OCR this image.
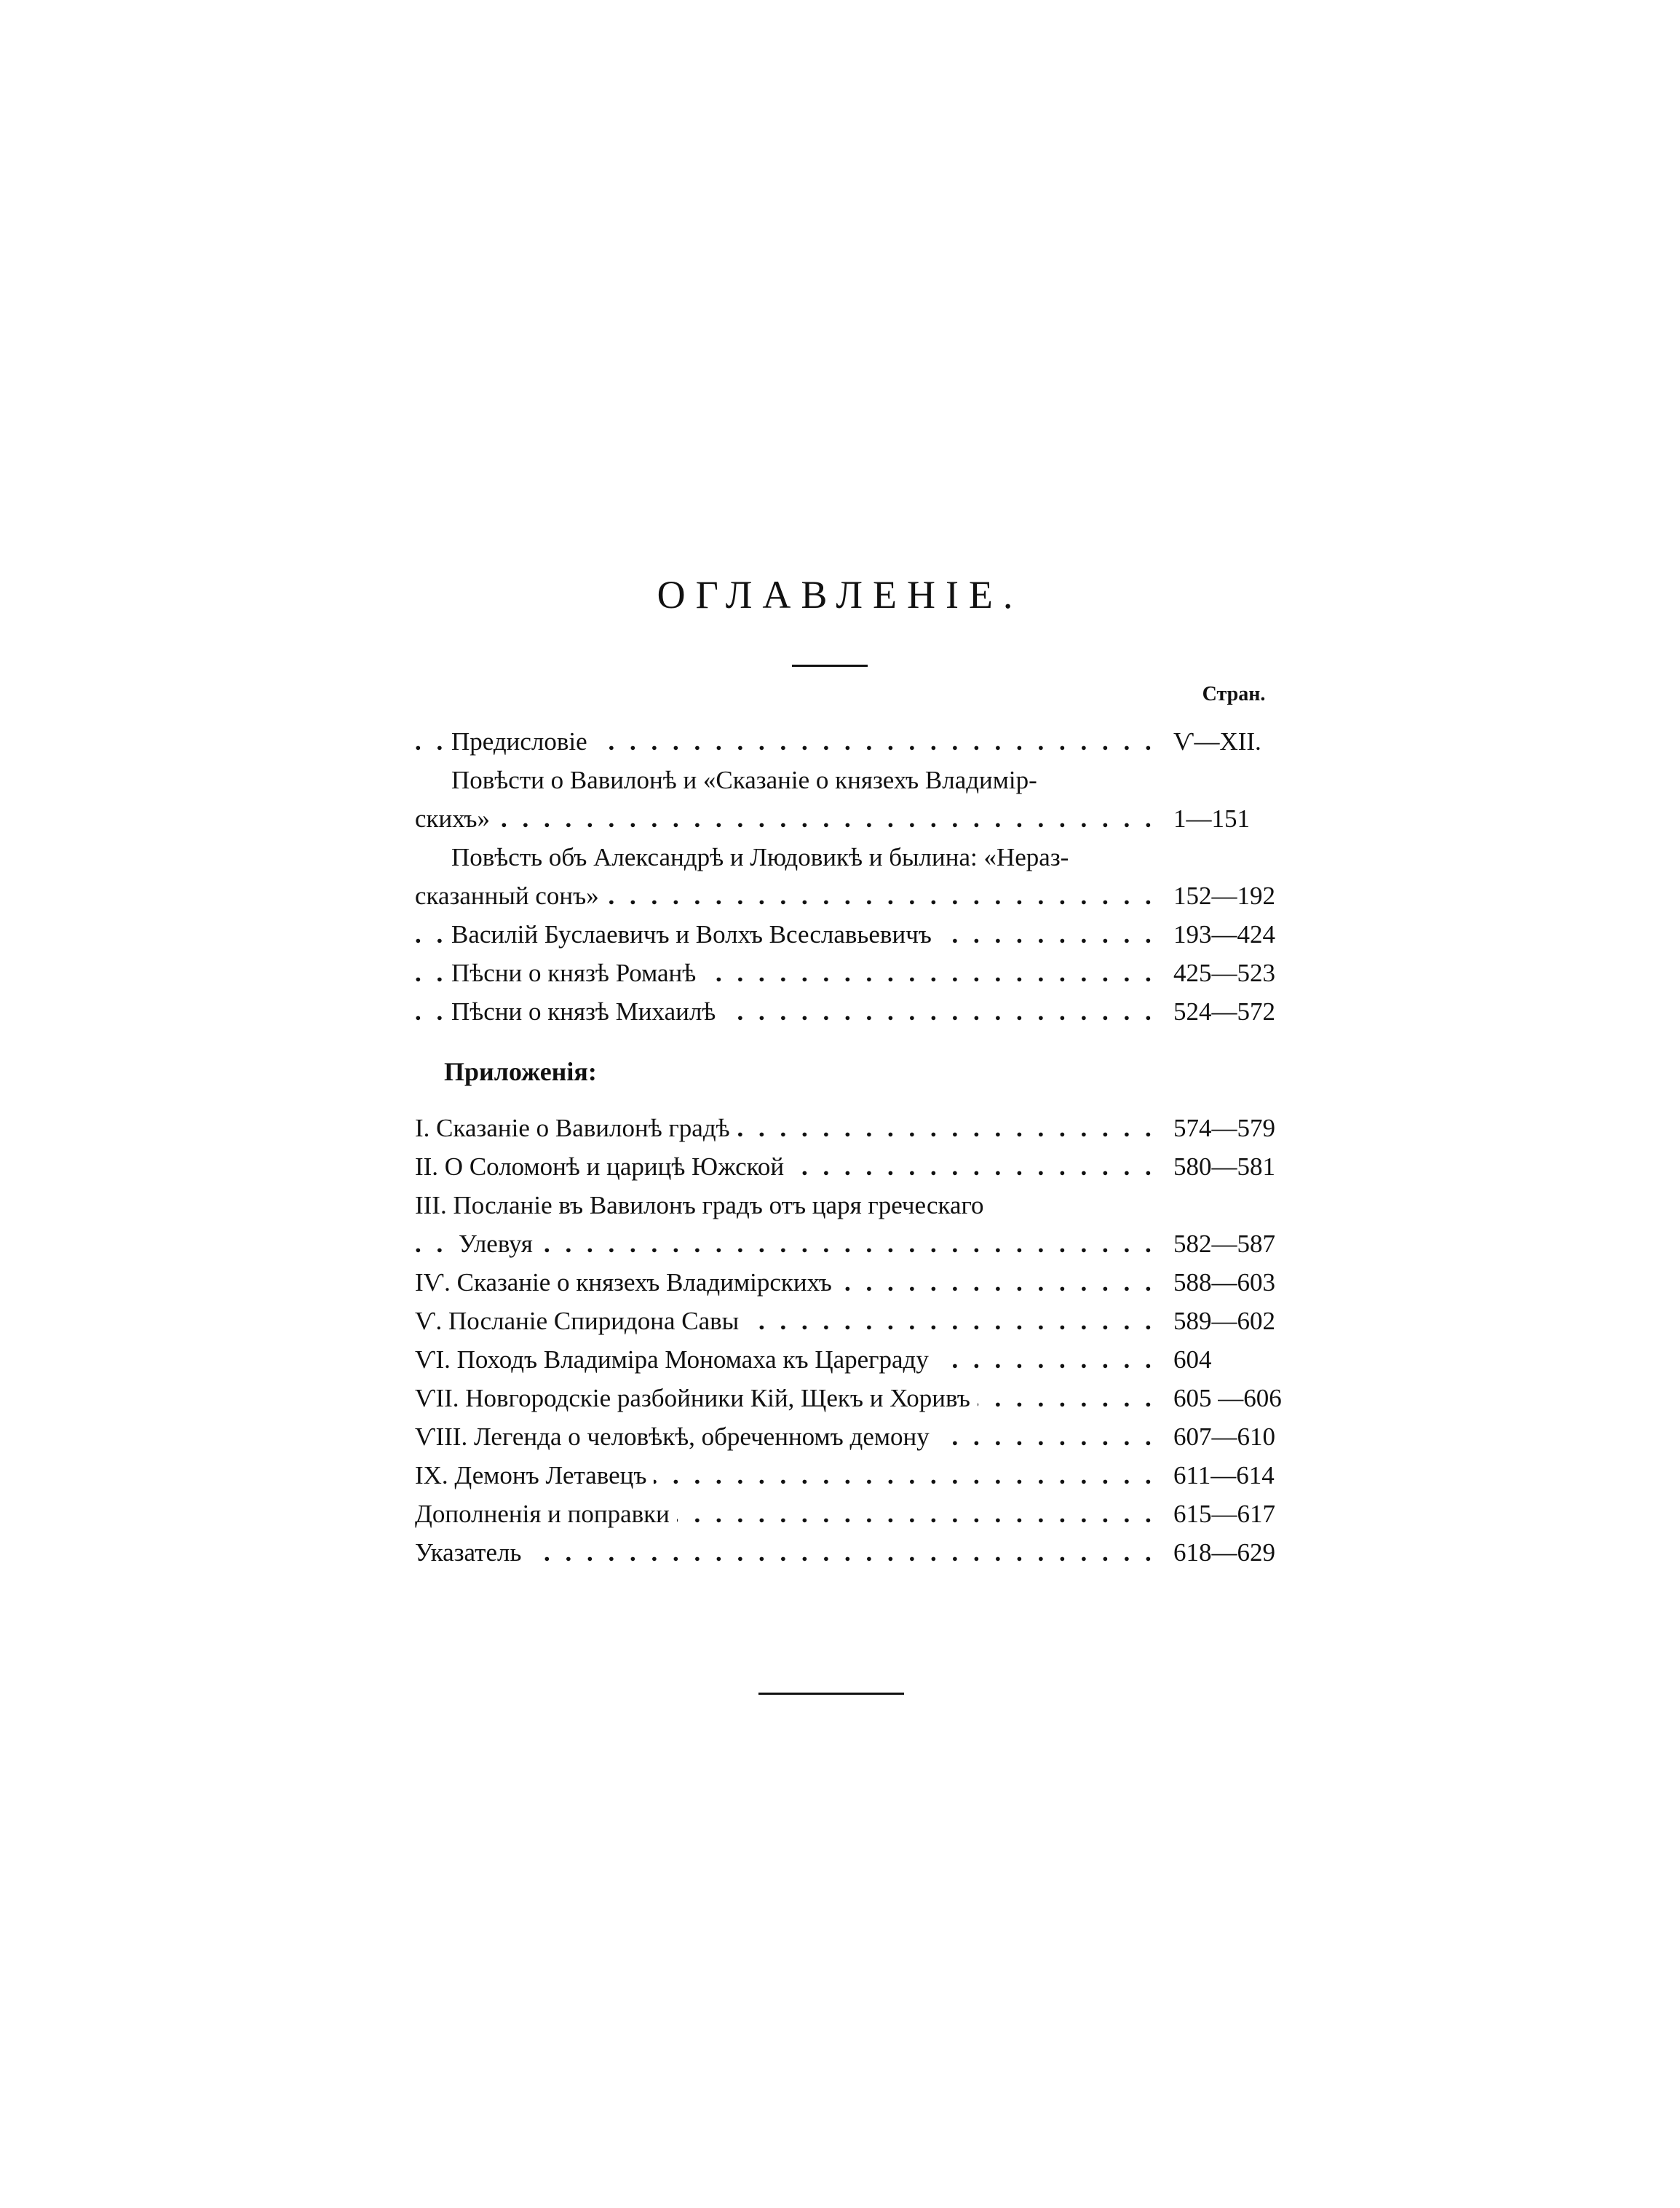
ОГЛАВЛЕНІЕ.
Стран.
Предисловіе . . .	Ѵ—XII.
Повѣсти о Вавилонѣ и «Сказаніе о князехъ Владимір-
скихъ» . . .	1—151
Повѣсть объ Александрѣ и Людовикѣ и былина: «Нераз-
сказанный сонъ» . . .	152—192
Василій Буслаевичъ и Волхъ Всеславьевичъ . . .	193—424
Пѣсни о князѣ Романѣ . . .	425—523
Пѣсни о князѣ Михаилѣ . . .	524—572
Приложенія:
I. Сказаніе о Вавилонѣ градѣ . . .	574—579
II. О Соломонѣ и царицѣ Южской . . .	580—581
III. Посланіе въ Вавилонъ градъ отъ царя греческаго
Улевуя . . .	582—587
IѴ. Сказаніе о князехъ Владимірскихъ . . .	588—603
Ѵ. Посланіе Спиридона Савы . . .	589—602
ѴI. Походъ Владиміра Мономаха къ Цареграду . . .	604
ѴII. Новгородскіе разбойники Кій, Щекъ и Хоривъ . . .	605 —606
ѴIII. Легенда о человѣкѣ, обреченномъ демону . . .	607—610
IX. Демонъ Летавецъ . . .	611—614
Дополненія и поправки . . .	615—617
Указатель . . .	618—629
